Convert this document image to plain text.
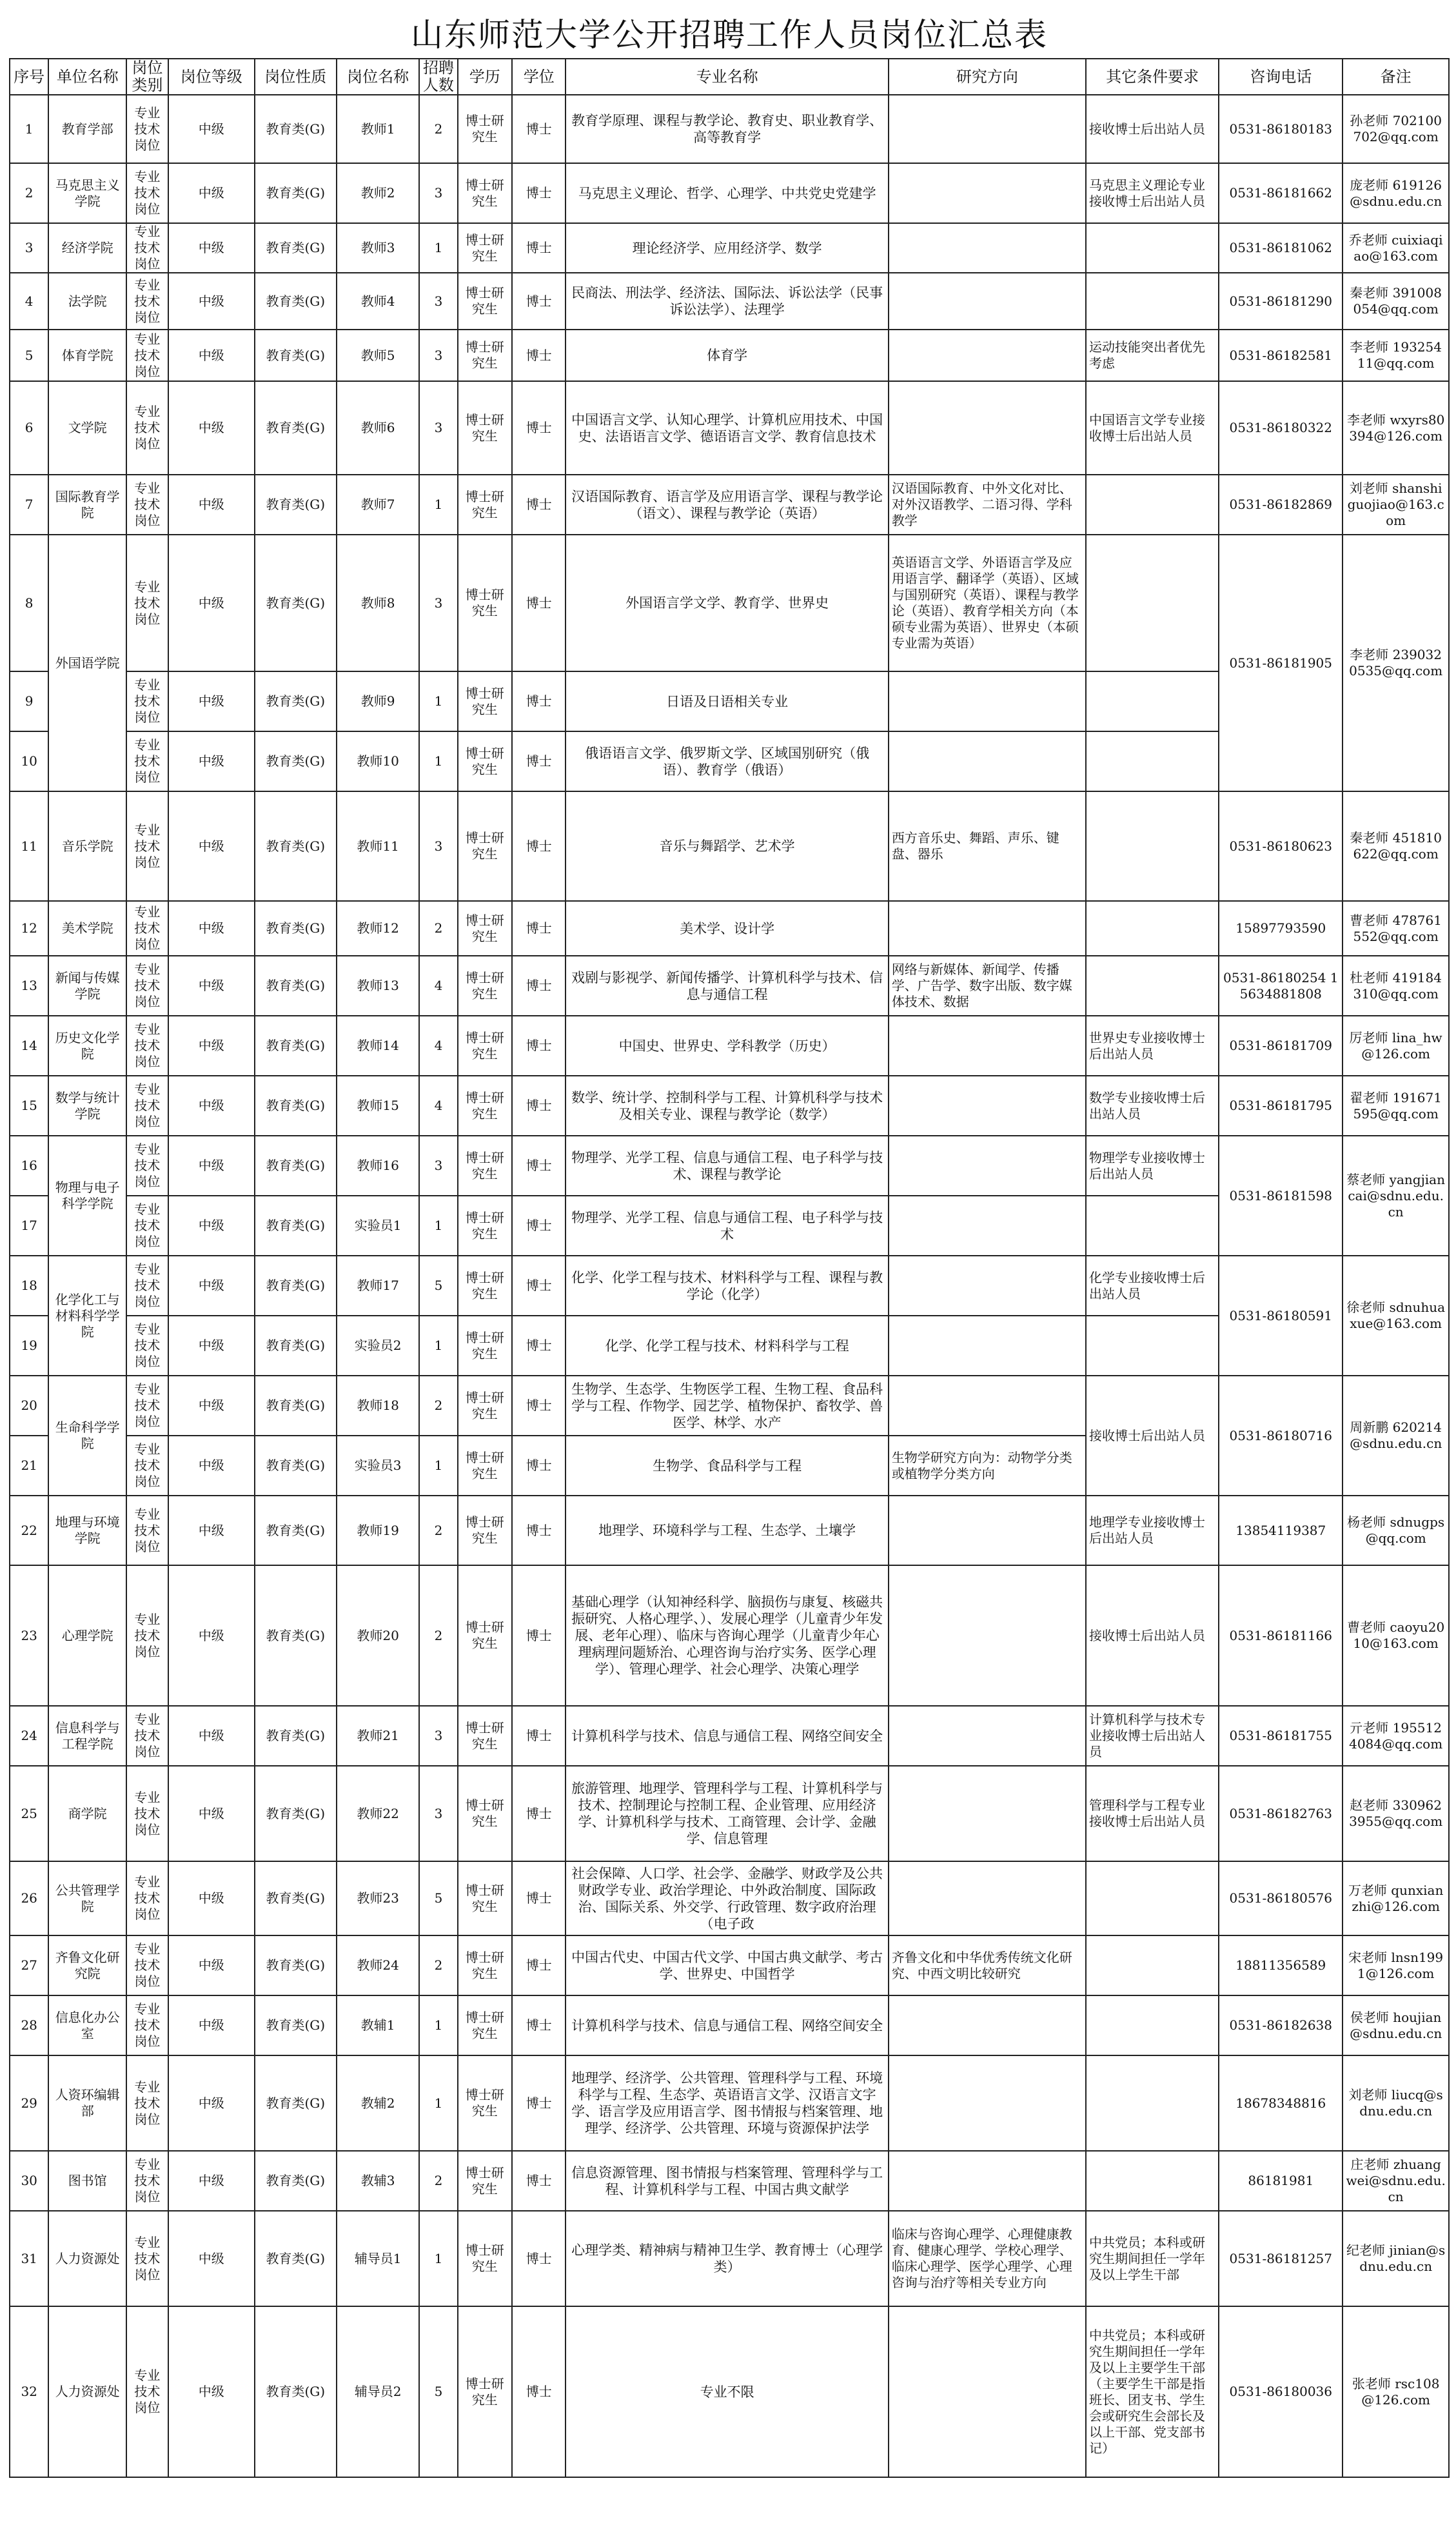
山东师范大学公开招聘工作人员岗位汇总表
序号	单位名称	岗位类别	岗位等级	岗位性质	岗位名称	招聘人数	学历	学位	专业名称	研究方向	其它条件要求	咨询电话	备注
1	教育学部	专业技术岗位	中级	教育类(G)	教师1	2	博士研究生	博士	教育学原理、课程与教学论、教育史、职业教育学、高等教育学		接收博士后出站人员	0531-86180183	孙老师 702100702@qq.com
2	马克思主义学院	专业技术岗位	中级	教育类(G)	教师2	3	博士研究生	博士	马克思主义理论、哲学、心理学、中共党史党建学		马克思主义理论专业接收博士后出站人员	0531-86181662	庞老师 619126@sdnu.edu.cn
3	经济学院	专业技术岗位	中级	教育类(G)	教师3	1	博士研究生	博士	理论经济学、应用经济学、数学			0531-86181062	乔老师 cuixiaqiao@163.com
4	法学院	专业技术岗位	中级	教育类(G)	教师4	3	博士研究生	博士	民商法、刑法学、经济法、国际法、诉讼法学（民事诉讼法学）、法理学			0531-86181290	秦老师 391008054@qq.com
5	体育学院	专业技术岗位	中级	教育类(G)	教师5	3	博士研究生	博士	体育学		运动技能突出者优先考虑	0531-86182581	李老师 19325411@qq.com
6	文学院	专业技术岗位	中级	教育类(G)	教师6	3	博士研究生	博士	中国语言文学、认知心理学、计算机应用技术、中国史、法语语言文学、德语语言文学、教育信息技术		中国语言文学专业接收博士后出站人员	0531-86180322	李老师 wxyrs80394@126.com
7	国际教育学院	专业技术岗位	中级	教育类(G)	教师7	1	博士研究生	博士	汉语国际教育、语言学及应用语言学、课程与教学论（语文）、课程与教学论（英语）	汉语国际教育、中外文化对比、对外汉语教学、二语习得、学科教学		0531-86182869	刘老师 shanshiguojiao@163.com
8	外国语学院	专业技术岗位	中级	教育类(G)	教师8	3	博士研究生	博士	外国语言学文学、教育学、世界史	英语语言文学、外语语言学及应用语言学、翻译学（英语）、区域与国别研究（英语）、课程与教学论（英语）、教育学相关方向（本硕专业需为英语）、世界史（本硕专业需为英语）		0531-86181905	李老师 2390320535@qq.com
9		专业技术岗位	中级	教育类(G)	教师9	1	博士研究生	博士	日语及日语相关专业				
10		专业技术岗位	中级	教育类(G)	教师10	1	博士研究生	博士	俄语语言文学、俄罗斯文学、区域国别研究（俄语）、教育学（俄语）				
11	音乐学院	专业技术岗位	中级	教育类(G)	教师11	3	博士研究生	博士	音乐与舞蹈学、艺术学	西方音乐史、舞蹈、声乐、键盘、器乐		0531-86180623	秦老师 451810622@qq.com
12	美术学院	专业技术岗位	中级	教育类(G)	教师12	2	博士研究生	博士	美术学、设计学			15897793590	曹老师 478761552@qq.com
13	新闻与传媒学院	专业技术岗位	中级	教育类(G)	教师13	4	博士研究生	博士	戏剧与影视学、新闻传播学、计算机科学与技术、信息与通信工程	网络与新媒体、新闻学、传播学、广告学、数字出版、数字媒体技术、数据		0531-86180254 15634881808	杜老师 419184310@qq.com
14	历史文化学院	专业技术岗位	中级	教育类(G)	教师14	4	博士研究生	博士	中国史、世界史、学科教学（历史）		世界史专业接收博士后出站人员	0531-86181709	厉老师 lina_hw@126.com
15	数学与统计学院	专业技术岗位	中级	教育类(G)	教师15	4	博士研究生	博士	数学、统计学、控制科学与工程、计算机科学与技术及相关专业、课程与教学论（数学）		数学专业接收博士后出站人员	0531-86181795	翟老师 191671595@qq.com
16	物理与电子科学学院	专业技术岗位	中级	教育类(G)	教师16	3	博士研究生	博士	物理学、光学工程、信息与通信工程、电子科学与技术、课程与教学论		物理学专业接收博士后出站人员	0531-86181598	蔡老师 yangjiancai@sdnu.edu.cn
17		专业技术岗位	中级	教育类(G)	实验员1	1	博士研究生	博士	物理学、光学工程、信息与通信工程、电子科学与技术				
18	化学化工与材料科学学院	专业技术岗位	中级	教育类(G)	教师17	5	博士研究生	博士	化学、化学工程与技术、材料科学与工程、课程与教学论（化学）		化学专业接收博士后出站人员	0531-86180591	徐老师 sdnuhuaxue@163.com
19		专业技术岗位	中级	教育类(G)	实验员2	1	博士研究生	博士	化学、化学工程与技术、材料科学与工程				
20	生命科学学院	专业技术岗位	中级	教育类(G)	教师18	2	博士研究生	博士	生物学、生态学、生物医学工程、生物工程、食品科学与工程、作物学、园艺学、植物保护、畜牧学、兽医学、林学、水产		接收博士后出站人员	0531-86180716	周新鹏 620214@sdnu.edu.cn
21		专业技术岗位	中级	教育类(G)	实验员3	1	博士研究生	博士	生物学、食品科学与工程	生物学研究方向为：动物学分类或植物学分类方向			
22	地理与环境学院	专业技术岗位	中级	教育类(G)	教师19	2	博士研究生	博士	地理学、环境科学与工程、生态学、土壤学		地理学专业接收博士后出站人员	13854119387	杨老师 sdnugps@qq.com
23	心理学院	专业技术岗位	中级	教育类(G)	教师20	2	博士研究生	博士	基础心理学（认知神经科学、脑损伤与康复、核磁共振研究、人格心理学、）、发展心理学（儿童青少年发展、老年心理）、临床与咨询心理学（儿童青少年心理病理问题矫治、心理咨询与治疗实务、医学心理学）、管理心理学、社会心理学、决策心理学		接收博士后出站人员	0531-86181166	曹老师 caoyu2010@163.com
24	信息科学与工程学院	专业技术岗位	中级	教育类(G)	教师21	3	博士研究生	博士	计算机科学与技术、信息与通信工程、网络空间安全		计算机科学与技术专业接收博士后出站人员	0531-86181755	亓老师 1955124084@qq.com
25	商学院	专业技术岗位	中级	教育类(G)	教师22	3	博士研究生	博士	旅游管理、地理学、管理科学与工程、计算机科学与技术、控制理论与控制工程、企业管理、应用经济学、计算机科学与技术、工商管理、会计学、金融学、信息管理		管理科学与工程专业接收博士后出站人员	0531-86182763	赵老师 3309623955@qq.com
26	公共管理学院	专业技术岗位	中级	教育类(G)	教师23	5	博士研究生	博士	社会保障、人口学、社会学、金融学、财政学及公共财政学专业、政治学理论、中外政治制度、国际政治、国际关系、外交学、行政管理、数字政府治理（电子政			0531-86180576	万老师 qunxianzhi@126.com
27	齐鲁文化研究院	专业技术岗位	中级	教育类(G)	教师24	2	博士研究生	博士	中国古代史、中国古代文学、中国古典文献学、考古学、世界史、中国哲学	齐鲁文化和中华优秀传统文化研究、中西文明比较研究		18811356589	宋老师 lnsn1991@126.com
28	信息化办公室	专业技术岗位	中级	教育类(G)	教辅1	1	博士研究生	博士	计算机科学与技术、信息与通信工程、网络空间安全			0531-86182638	侯老师 houjian@sdnu.edu.cn
29	人资环编辑部	专业技术岗位	中级	教育类(G)	教辅2	1	博士研究生	博士	地理学、经济学、公共管理、管理科学与工程、环境科学与工程、生态学、英语语言文学、汉语言文字学、语言学及应用语言学、图书情报与档案管理、地理学、经济学、公共管理、环境与资源保护法学			18678348816	刘老师 liucq@sdnu.edu.cn
30	图书馆	专业技术岗位	中级	教育类(G)	教辅3	2	博士研究生	博士	信息资源管理、图书情报与档案管理、管理科学与工程、计算机科学与工程、中国古典文献学			86181981	庄老师 zhuangwei@sdnu.edu.cn
31	人力资源处	专业技术岗位	中级	教育类(G)	辅导员1	1	博士研究生	博士	心理学类、精神病与精神卫生学、教育博士（心理学类）	临床与咨询心理学、心理健康教育、健康心理学、学校心理学、临床心理学、医学心理学、心理咨询与治疗等相关专业方向	中共党员；本科或研究生期间担任一学年及以上学生干部	0531-86181257	纪老师 jinian@sdnu.edu.cn
32	人力资源处	专业技术岗位	中级	教育类(G)	辅导员2	5	博士研究生	博士	专业不限		中共党员；本科或研究生期间担任一学年及以上主要学生干部（主要学生干部是指班长、团支书、学生会或研究生会部长及以上干部、党支部书记）	0531-86180036	张老师 rsc108@126.com
